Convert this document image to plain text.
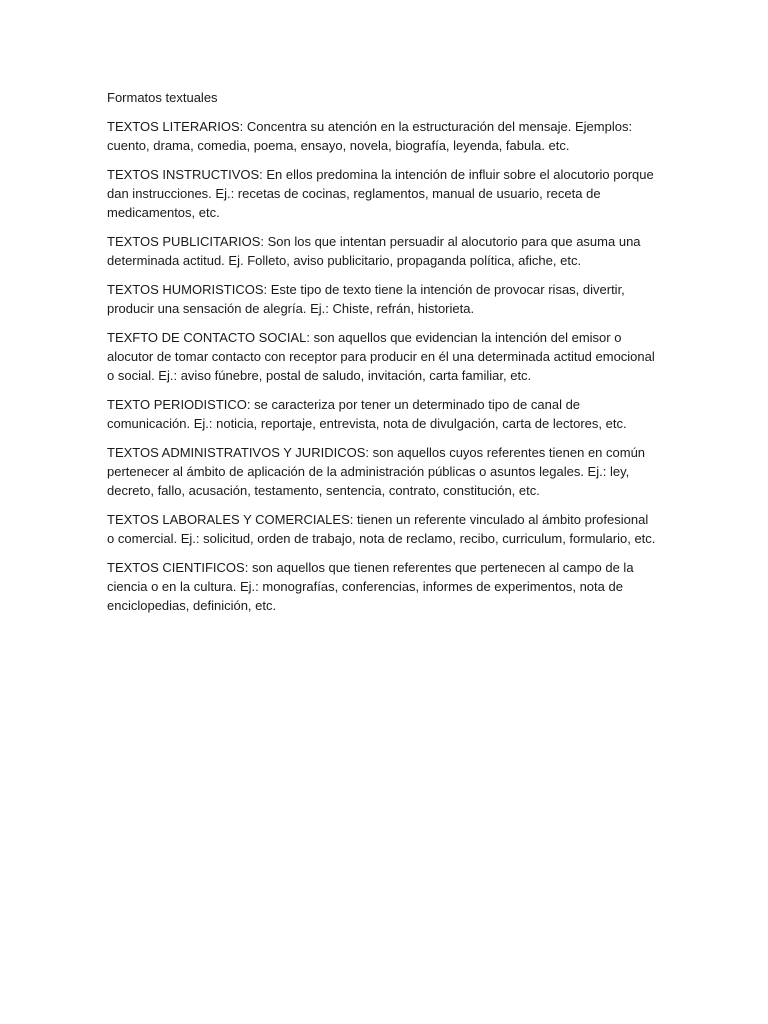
Formatos textuales

TEXTOS LITERARIOS: Concentra su atención en la estructuración del mensaje. Ejemplos: cuento, drama, comedia, poema, ensayo, novela, biografía, leyenda, fabula. etc.

TEXTOS INSTRUCTIVOS: En ellos predomina la intención de influir sobre el alocutorio porque dan instrucciones. Ej.: recetas de cocinas, reglamentos, manual de usuario, receta de medicamentos, etc.

TEXTOS PUBLICITARIOS: Son los que intentan persuadir al alocutorio para que asuma una determinada actitud. Ej. Folleto, aviso publicitario, propaganda política, afiche, etc.

TEXTOS HUMORISTICOS: Este tipo de texto tiene la intención de provocar risas, divertir, producir una sensación de alegría. Ej.: Chiste, refrán, historieta.

TEXFTO DE CONTACTO SOCIAL: son aquellos que evidencian la intención del emisor o alocutor de tomar contacto con receptor para producir en él una determinada actitud emocional o social. Ej.: aviso fúnebre, postal de saludo, invitación, carta familiar, etc.

TEXTO PERIODISTICO: se caracteriza por tener un determinado tipo de canal de comunicación. Ej.: noticia, reportaje, entrevista, nota de divulgación, carta de lectores, etc.

TEXTOS ADMINISTRATIVOS Y JURIDICOS: son aquellos cuyos referentes tienen en común pertenecer al ámbito de aplicación de la administración públicas o asuntos legales. Ej.: ley, decreto, fallo, acusación, testamento, sentencia, contrato, constitución, etc.

TEXTOS LABORALES Y COMERCIALES: tienen un referente vinculado al ámbito profesional o comercial. Ej.: solicitud, orden de trabajo, nota de reclamo, recibo, curriculum, formulario, etc.

TEXTOS CIENTIFICOS: son aquellos que tienen referentes que pertenecen al campo de la ciencia o en la cultura. Ej.: monografías, conferencias, informes de experimentos, nota de enciclopedias, definición, etc.
